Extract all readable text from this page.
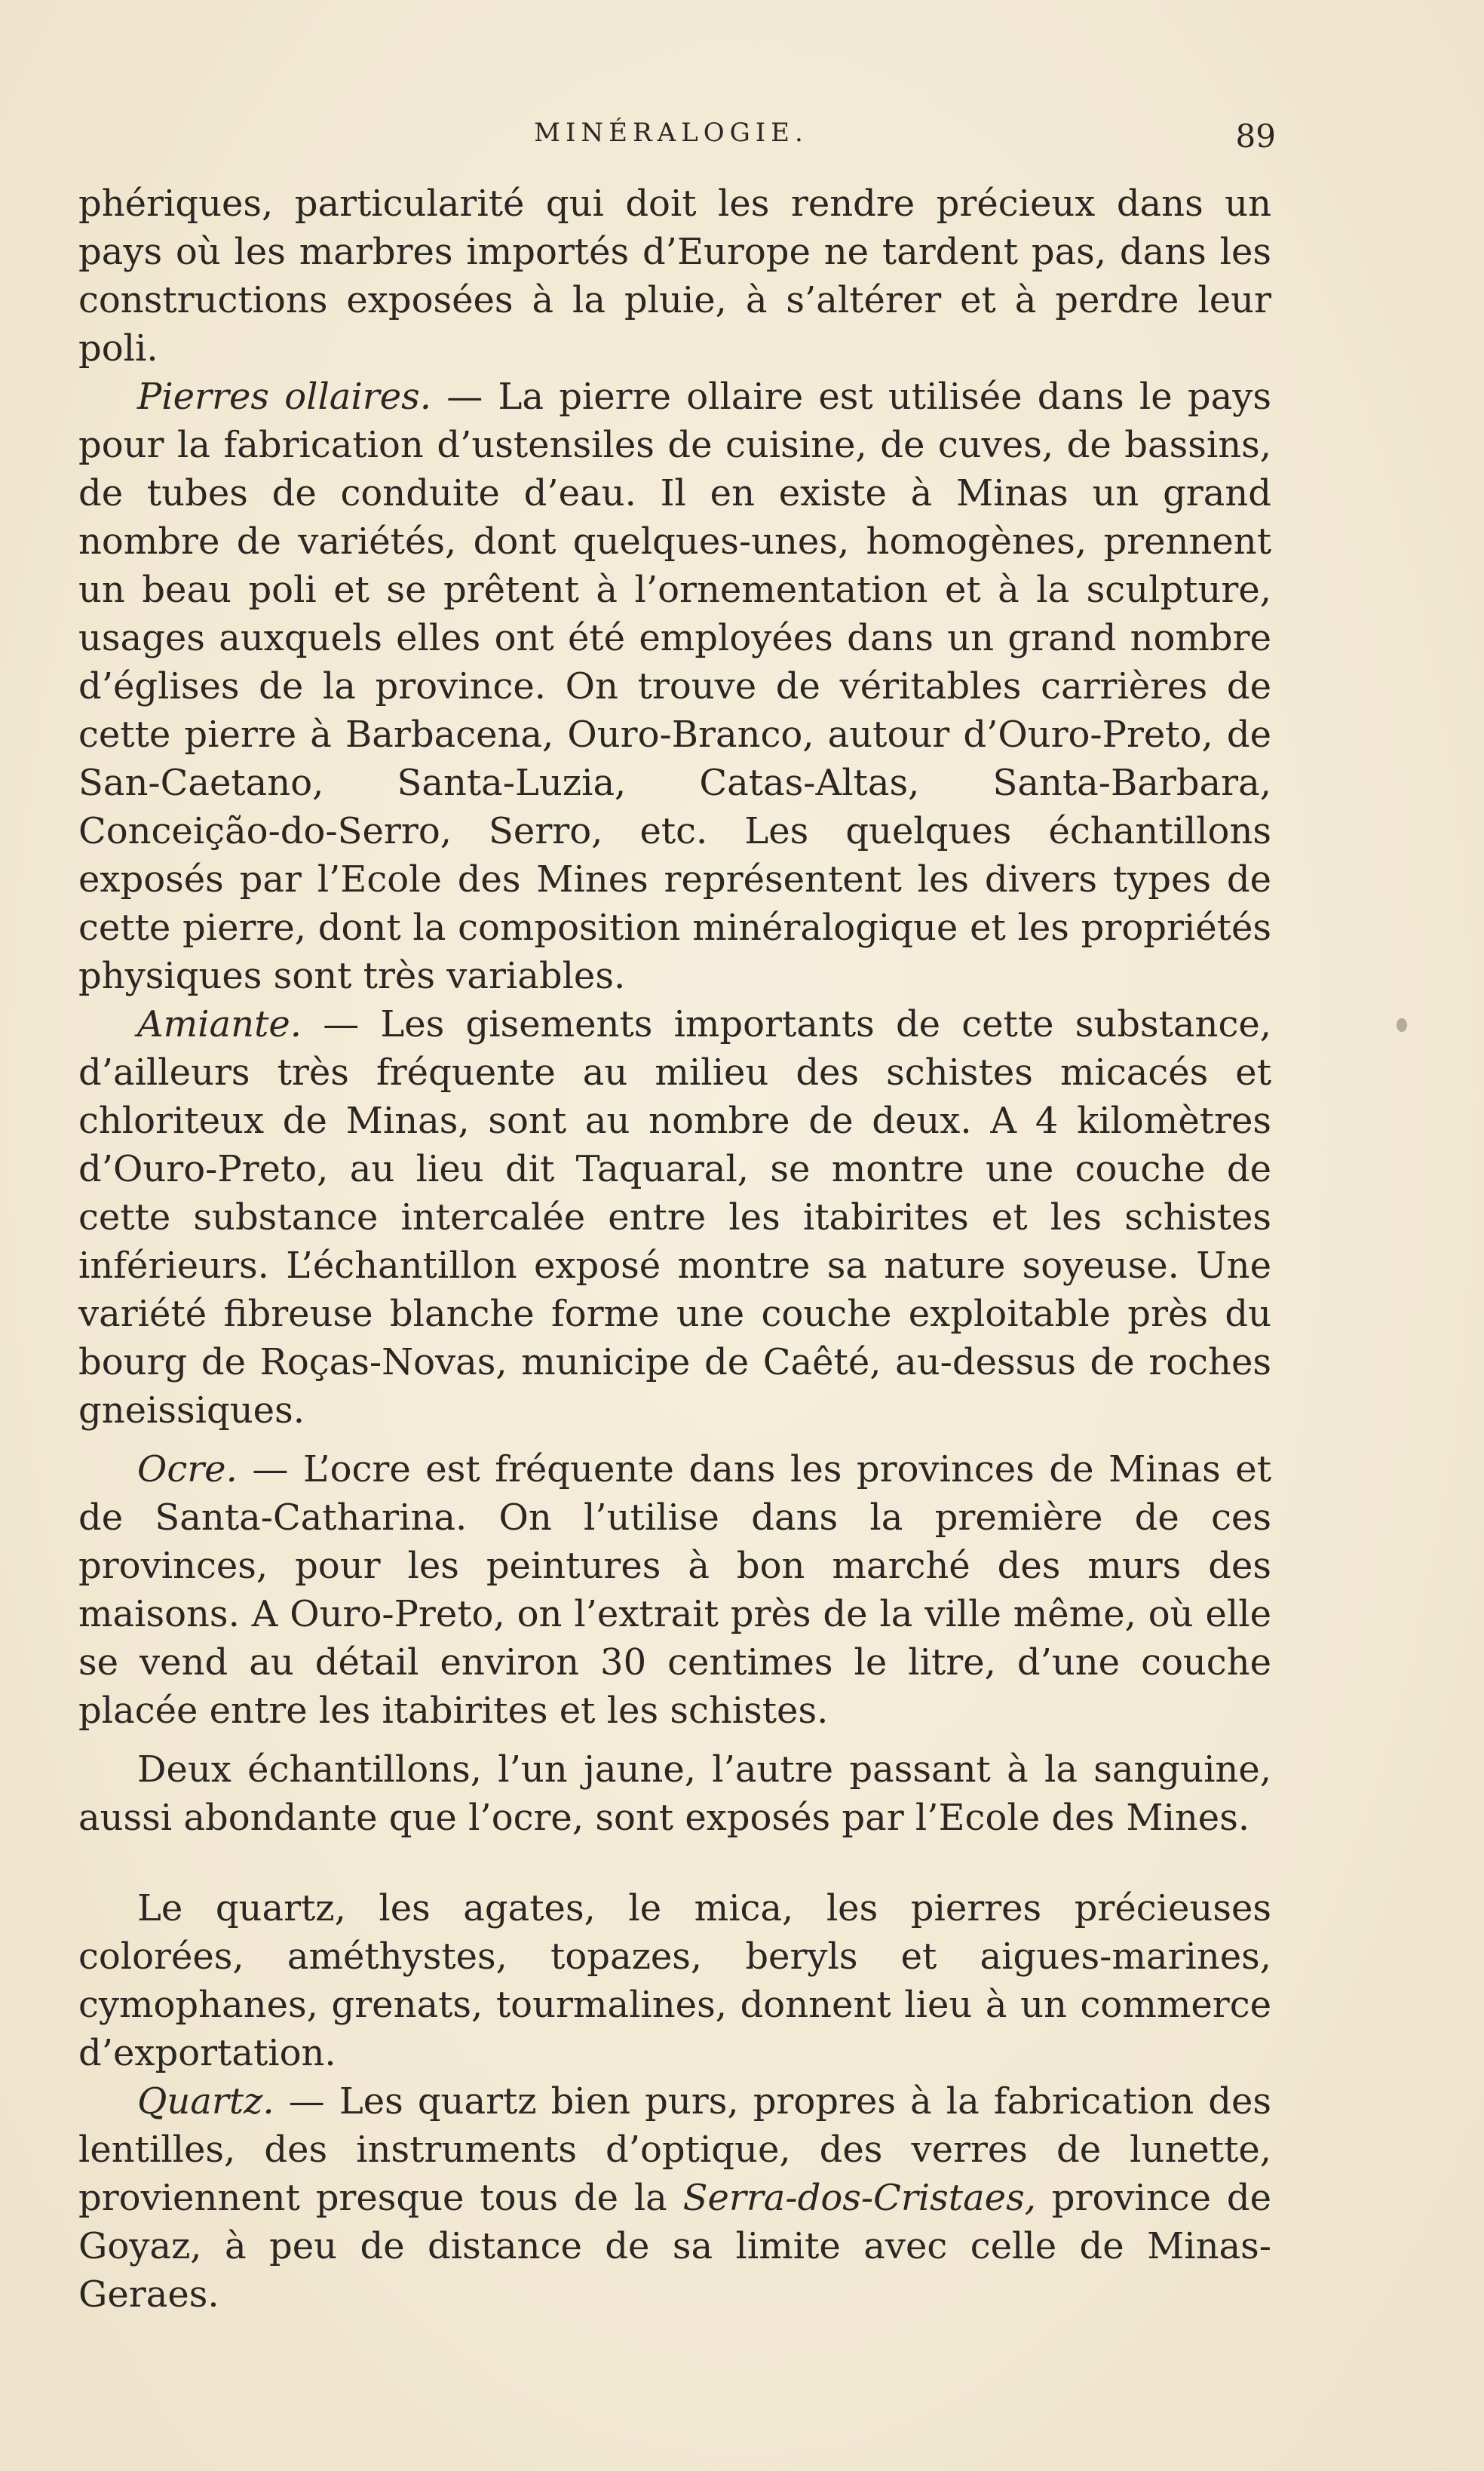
MINÉRALOGIE.	89

phériques, particularité qui doit les rendre précieux dans un pays où les marbres importés d’Europe ne tardent pas, dans les constructions exposées à la pluie, à s’altérer et à perdre leur poli.

Pierres ollaires. — La pierre ollaire est utilisée dans le pays pour la fabrication d’ustensiles de cuisine, de cuves, de bassins, de tubes de conduite d’eau. Il en existe à Minas un grand nombre de variétés, dont quelques-unes, homogènes, prennent un beau poli et se prêtent à l’ornementation et à la sculpture, usages auxquels elles ont été employées dans un grand nombre d’églises de la province. On trouve de véritables carrières de cette pierre à Barbacena, Ouro-Branco, autour d’Ouro-Preto, de San-Caetano, Santa-Luzia, Catas-Altas, Santa-Barbara, Conceição-do-Serro, Serro, etc. Les quelques échantillons exposés par l’Ecole des Mines représentent les divers types de cette pierre, dont la composition minéralogique et les propriétés physiques sont très variables.

Amiante. — Les gisements importants de cette substance, d’ailleurs très fréquente au milieu des schistes micacés et chloriteux de Minas, sont au nombre de deux. A 4 kilomètres d’Ouro-Preto, au lieu dit Taquaral, se montre une couche de cette substance intercalée entre les itabirites et les schistes inférieurs. L’échantillon exposé montre sa nature soyeuse. Une variété fibreuse blanche forme une couche exploitable près du bourg de Roças-Novas, municipe de Caêté, au-dessus de roches gneissiques.

Ocre. — L’ocre est fréquente dans les provinces de Minas et de Santa-Catharina. On l’utilise dans la première de ces provinces, pour les peintures à bon marché des murs des maisons. A Ouro-Preto, on l’extrait près de la ville même, où elle se vend au détail environ 30 centimes le litre, d’une couche placée entre les itabirites et les schistes.

Deux échantillons, l’un jaune, l’autre passant à la sanguine, aussi abondante que l’ocre, sont exposés par l’Ecole des Mines.

Le quartz, les agates, le mica, les pierres précieuses colorées, améthystes, topazes, beryls et aigues-marines, cymophanes, grenats, tourmalines, donnent lieu à un commerce d’exportation.

Quartz. — Les quartz bien purs, propres à la fabrication des lentilles, des instruments d’optique, des verres de lunette, proviennent presque tous de la Serra-dos-Cristaes, province de Goyaz, à peu de distance de sa limite avec celle de Minas-Geraes.
